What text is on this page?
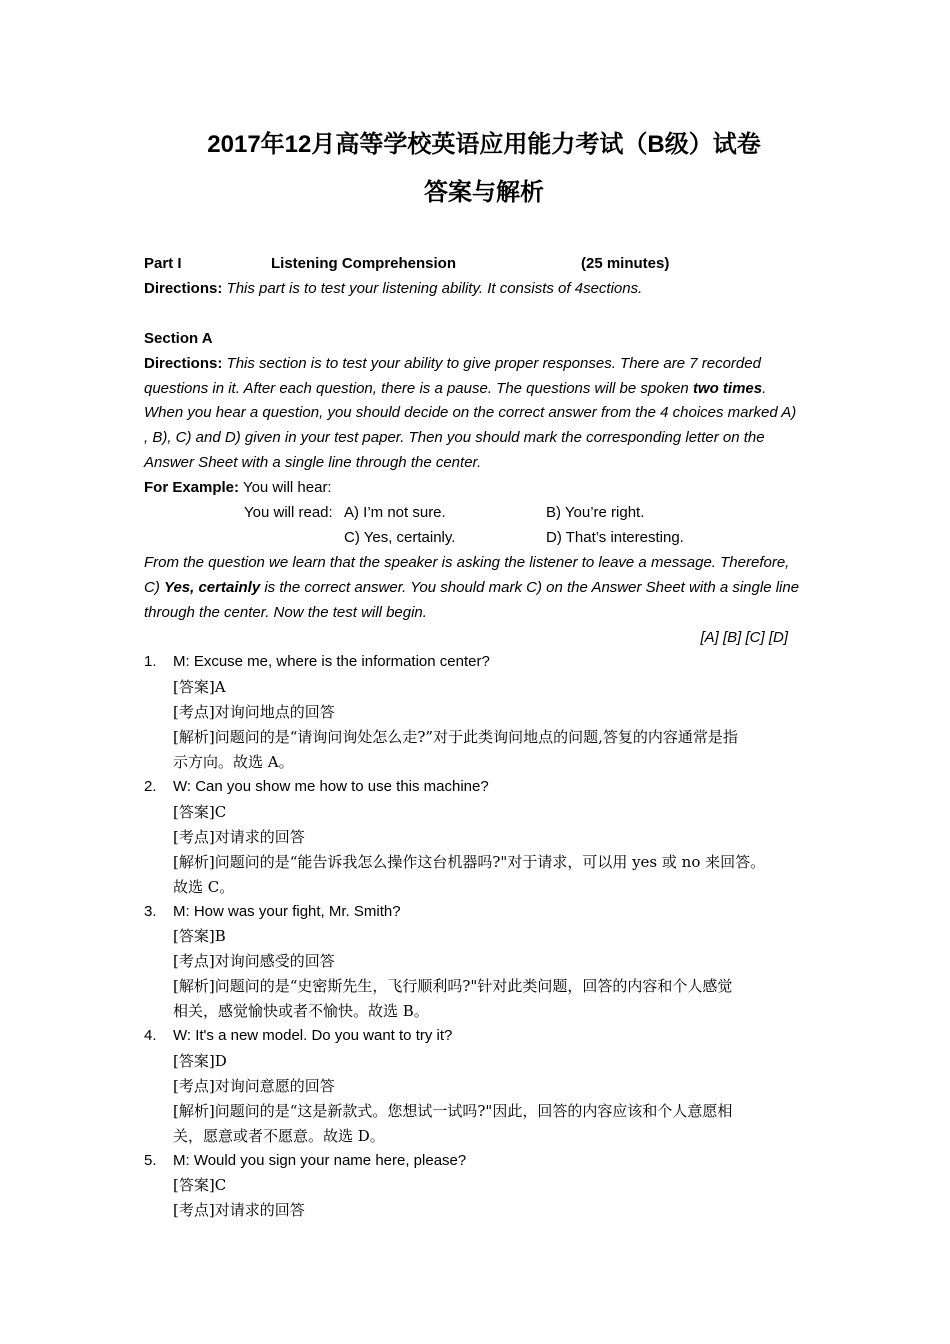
2017年12月高等学校英语应用能力考试（B级）试卷
答案与解析
Part I	Listening Comprehension	(25 minutes)
Directions: This part is to test your listening ability. It consists of 4sections.
Section A
Directions: This section is to test your ability to give proper responses. There are 7 recorded
questions in it. After each question, there is a pause. The questions will be spoken two times.
When you hear a question, you should decide on the correct answer from the 4 choices marked A)
, B), C) and D) given in your test paper. Then you should mark the corresponding letter on the
Answer Sheet with a single line through the center.
For Example: You will hear:
You will read: A) I’m not sure.	B) You’re right.
C) Yes, certainly.	D) That’s interesting.
From the question we learn that the speaker is asking the listener to leave a message. Therefore,
C) Yes, certainly is the correct answer. You should mark C) on the Answer Sheet with a single line
through the center. Now the test will begin.
[A] [B] [C] [D]
1. M: Excuse me, where is the information center?
[答案]A
[考点]对询问地点的回答
[解析]问题问的是“请询问询处怎么走?”对于此类询问地点的问题,答复的内容通常是指
示方向。故选 A。
2. W: Can you show me how to use this machine?
[答案]C
[考点]对请求的回答
[解析]问题问的是“能告诉我怎么操作这台机器吗?"对于请求，可以用 yes 或 no 来回答。
故选 C。
3. M: How was your fight, Mr. Smith?
[答案]B
[考点]对询问感受的回答
[解析]问题问的是“史密斯先生，飞行顺利吗?"针对此类问题，回答的内容和个人感觉
相关，感觉愉快或者不愉快。故选 B。
4. W: It's a new model. Do you want to try it?
[答案]D
[考点]对询问意愿的回答
[解析]问题问的是“这是新款式。您想试一试吗?"因此，回答的内容应该和个人意愿相
关，愿意或者不愿意。故选 D。
5. M: Would you sign your name here, please?
[答案]C
[考点]对请求的回答
